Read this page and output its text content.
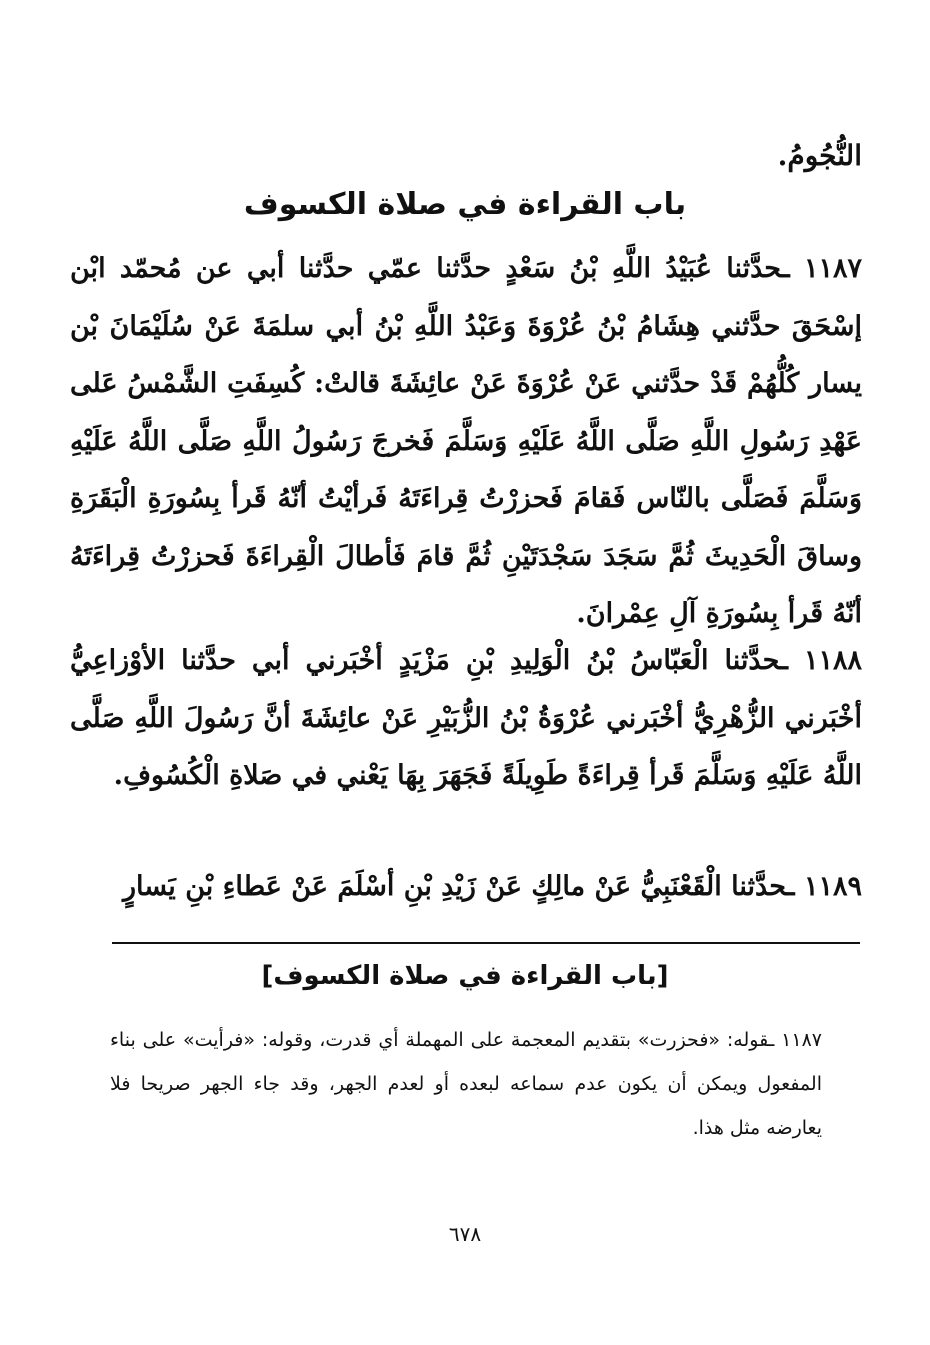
النُّجُومُ.
باب القراءة في صلاة الكسوف

١١٨٧ ـحدَّثنا عُبَيْدُ اللَّهِ بْنُ سَعْدٍ حدَّثنا عمّي حدَّثنا أبي عن مُحمّد ابْن إسْحَقَ حدَّثني هِشَامُ بْنُ عُرْوَةَ وَعَبْدُ اللَّهِ بْنُ أبي سلمَةَ عَنْ سُلَيْمَانَ بْن يسار كُلُّهُمْ قَدْ حدَّثني عَنْ عُرْوَةَ عَنْ عائِشَةَ قالتْ: كُسِفَتِ الشَّمْسُ عَلى عَهْدِ رَسُولِ اللَّهِ صَلَّى اللَّهُ عَلَيْهِ وَسَلَّمَ فَخرجَ رَسُولُ اللَّهِ صَلَّى اللَّهُ عَلَيْهِ وَسَلَّمَ فَصَلَّى بالنّاس فَقامَ فَحزرْتُ قِراءَتَهُ فَرأيْتُ أنّهُ قَرأ بِسُورَةِ الْبَقَرَةِ وساقَ الْحَدِيثَ ثُمَّ سَجَدَ سَجْدَتَيْنِ ثُمَّ قامَ فَأطالَ الْقِراءَةَ فَحزرْتُ قِراءَتَهُ أنّهُ قَرأ بِسُورَةِ آلِ عِمْرانَ.

١١٨٨ ـحدَّثنا الْعَبّاسُ بْنُ الْوَلِيدِ بْنِ مَزْيَدٍ أخْبَرني أبي حدَّثنا الأوْزاعِيُّ أخْبَرني الزُّهْرِيُّ أخْبَرني عُرْوَةُ بْنُ الزُّبَيْرِ عَنْ عائِشَةَ أنَّ رَسُولَ اللَّهِ صَلَّى اللَّهُ عَلَيْهِ وَسَلَّمَ قَرأ قِراءَةً طَوِيلَةً فَجَهَرَ بِهَا يَعْني في صَلاةِ الْكُسُوفِ.

١١٨٩ ـحدَّثنا الْقَعْنَبِيُّ عَنْ مالِكٍ عَنْ زَيْدِ بْنِ أسْلَمَ عَنْ عَطاءِ بْنِ يَسارٍ

[باب القراءة في صلاة الكسوف]

١١٨٧ ـقوله: «فحزرت» بتقديم المعجمة على المهملة أي قدرت، وقوله: «فرأيت» على بناء المفعول ويمكن أن يكون عدم سماعه لبعده أو لعدم الجهر، وقد جاء الجهر صريحا فلا يعارضه مثل هذا.

٦٧٨
